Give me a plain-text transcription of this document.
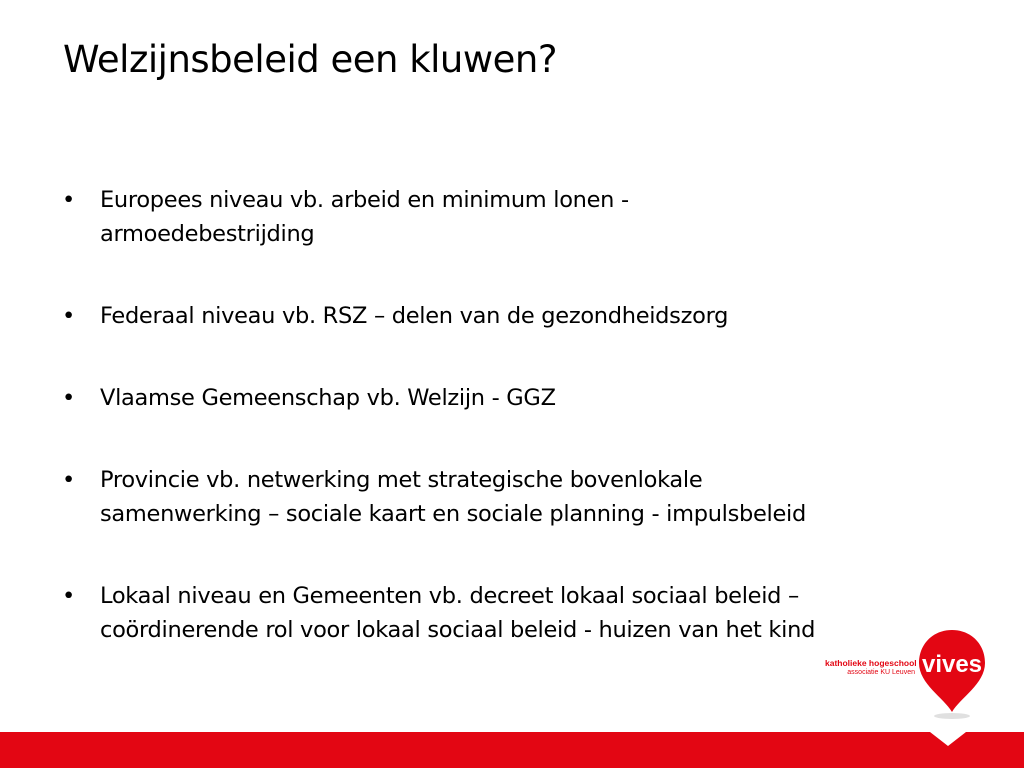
Welzijnsbeleid een kluwen?
• Europees niveau vb. arbeid en minimum lonen -
armoedebestrijding
• Federaal niveau vb. RSZ – delen van de gezondheidszorg
• Vlaamse Gemeenschap vb. Welzijn - GGZ
• Provincie vb. netwerking met strategische bovenlokale
samenwerking – sociale kaart en sociale planning - impulsbeleid
• Lokaal niveau en Gemeenten vb. decreet lokaal sociaal beleid –
coördinerende rol voor lokaal sociaal beleid - huizen van het kind
katholieke hogeschool
associatie KU Leuven vives
